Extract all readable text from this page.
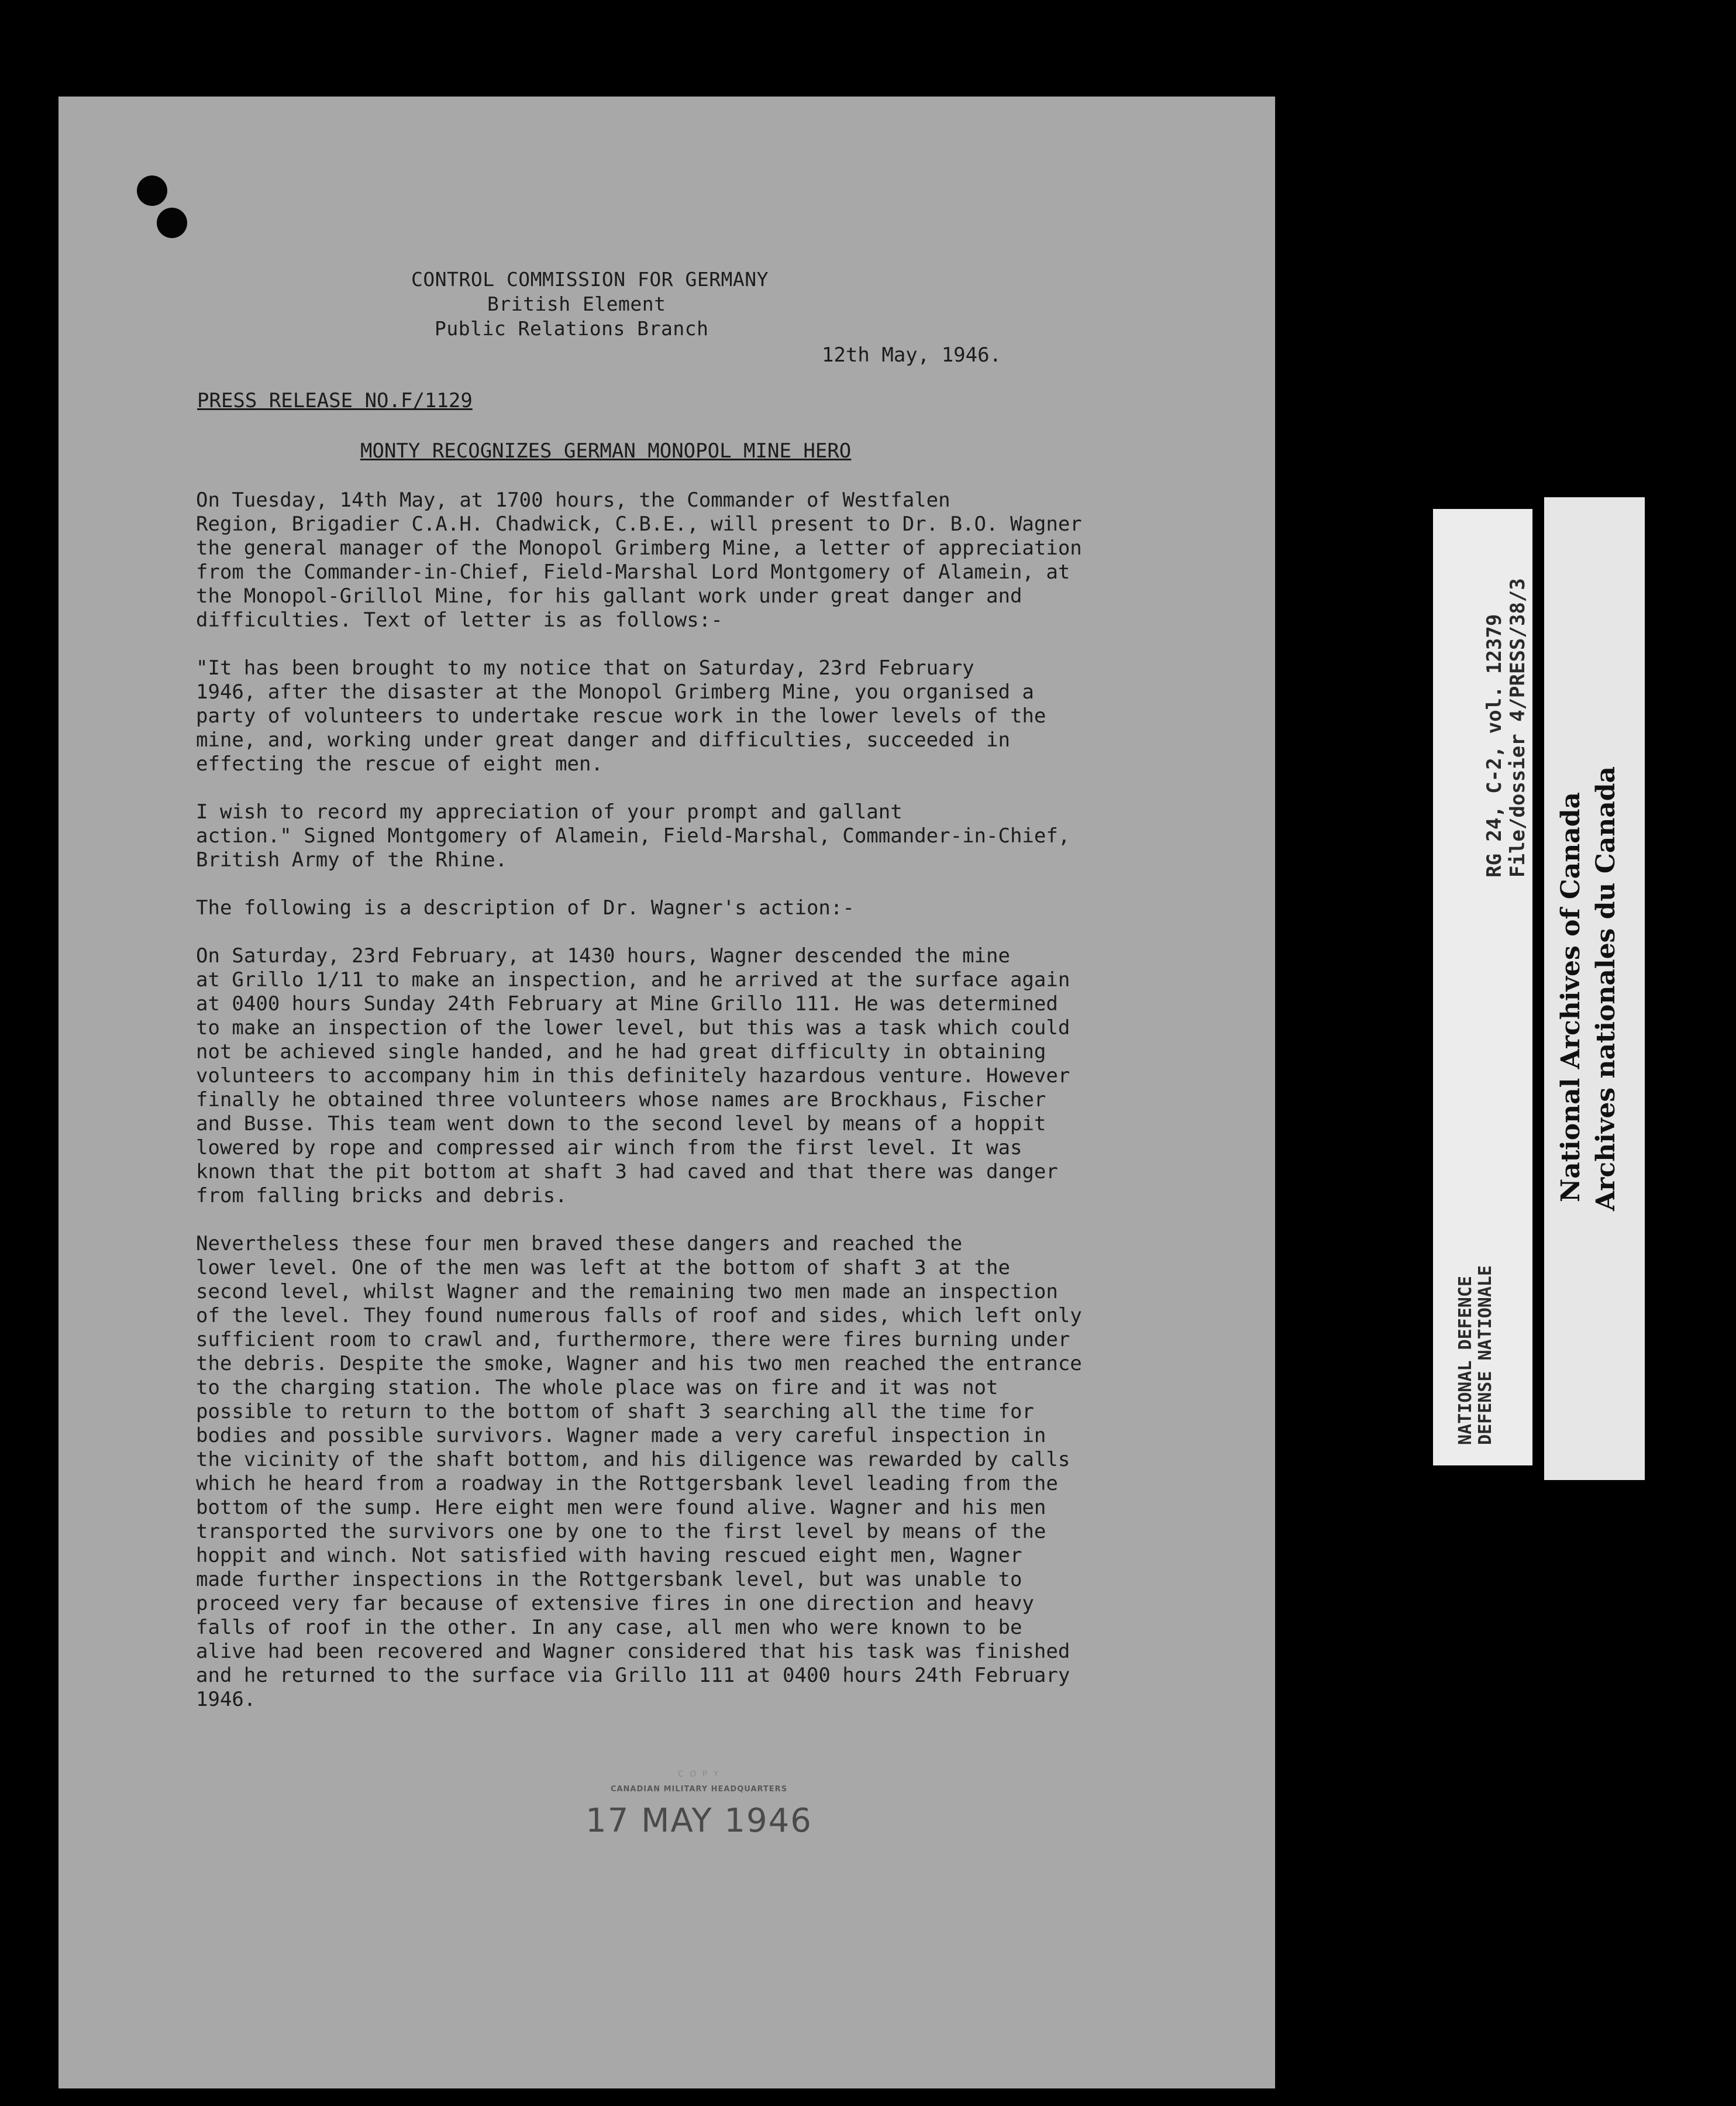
CONTROL COMMISSION FOR GERMANY
British Element
Public Relations Branch
12th May, 1946.
PRESS RELEASE NO.F/1129
MONTY RECOGNIZES GERMAN MONOPOL MINE HERO

On Tuesday, 14th May, at 1700 hours, the Commander of Westfalen
Region, Brigadier C.A.H. Chadwick, C.B.E., will present to Dr. B.O. Wagner
the general manager of the Monopol Grimberg Mine, a letter of appreciation
from the Commander-in-Chief, Field-Marshal Lord Montgomery of Alamein, at
the Monopol-Grillol Mine, for his gallant work under great danger and
difficulties. Text of letter is as follows:-

"It has been brought to my notice that on Saturday, 23rd February
1946, after the disaster at the Monopol Grimberg Mine, you organised a
party of volunteers to undertake rescue work in the lower levels of the
mine, and, working under great danger and difficulties, succeeded in
effecting the rescue of eight men.

I wish to record my appreciation of your prompt and gallant
action." Signed Montgomery of Alamein, Field-Marshal, Commander-in-Chief,
British Army of the Rhine.

The following is a description of Dr. Wagner's action:-

On Saturday, 23rd February, at 1430 hours, Wagner descended the mine
at Grillo 1/11 to make an inspection, and he arrived at the surface again
at 0400 hours Sunday 24th February at Mine Grillo 111. He was determined
to make an inspection of the lower level, but this was a task which could
not be achieved single handed, and he had great difficulty in obtaining
volunteers to accompany him in this definitely hazardous venture. However
finally he obtained three volunteers whose names are Brockhaus, Fischer
and Busse. This team went down to the second level by means of a hoppit
lowered by rope and compressed air winch from the first level. It was
known that the pit bottom at shaft 3 had caved and that there was danger
from falling bricks and debris.

Nevertheless these four men braved these dangers and reached the
lower level. One of the men was left at the bottom of shaft 3 at the
second level, whilst Wagner and the remaining two men made an inspection
of the level. They found numerous falls of roof and sides, which left only
sufficient room to crawl and, furthermore, there were fires burning under
the debris. Despite the smoke, Wagner and his two men reached the entrance
to the charging station. The whole place was on fire and it was not
possible to return to the bottom of shaft 3 searching all the time for
bodies and possible survivors. Wagner made a very careful inspection in
the vicinity of the shaft bottom, and his diligence was rewarded by calls
which he heard from a roadway in the Rottgersbank level leading from the
bottom of the sump. Here eight men were found alive. Wagner and his men
transported the survivors one by one to the first level by means of the
hoppit and winch. Not satisfied with having rescued eight men, Wagner
made further inspections in the Rottgersbank level, but was unable to
proceed very far because of extensive fires in one direction and heavy
falls of roof in the other. In any case, all men who were known to be
alive had been recovered and Wagner considered that his task was finished
and he returned to the surface via Grillo 111 at 0400 hours 24th February
1946.

C O P Y
CANADIAN MILITARY HEADQUARTERS
17 MAY 1946
RG 24, C-2, vol. 12379 File/dossier 4/PRESS/38/3
NATIONAL DEFENCE DEFENSE NATIONALE
National Archives of Canada Archives nationales du Canada
